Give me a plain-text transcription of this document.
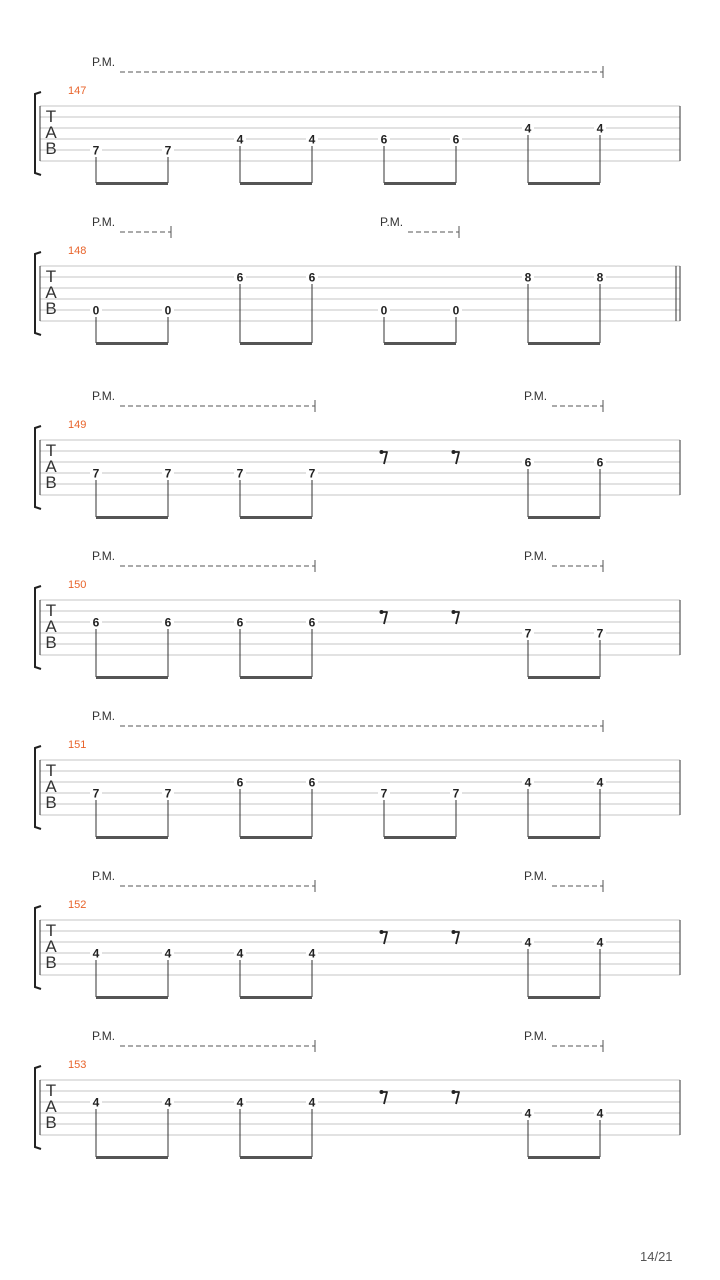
T
A
B
147
P.M.
7	7
4	4	6	6
4	4
T
A
B
148
P.M.	P.M.
0	0
6	6
0	0
8	8
T
A
B
149
P.M.	P.M.
7	7	7	7
6	6
T
A
B
150
P.M.	P.M.
6	6	6	6
7	7
T
A
B
151
P.M.
7	7
6	6
7	7
4	4
T
A
B
152
P.M.	P.M.
4	4	4	4
4	4
T
A
B
153
P.M.	P.M.
4	4	4	4
4	4
14/21
